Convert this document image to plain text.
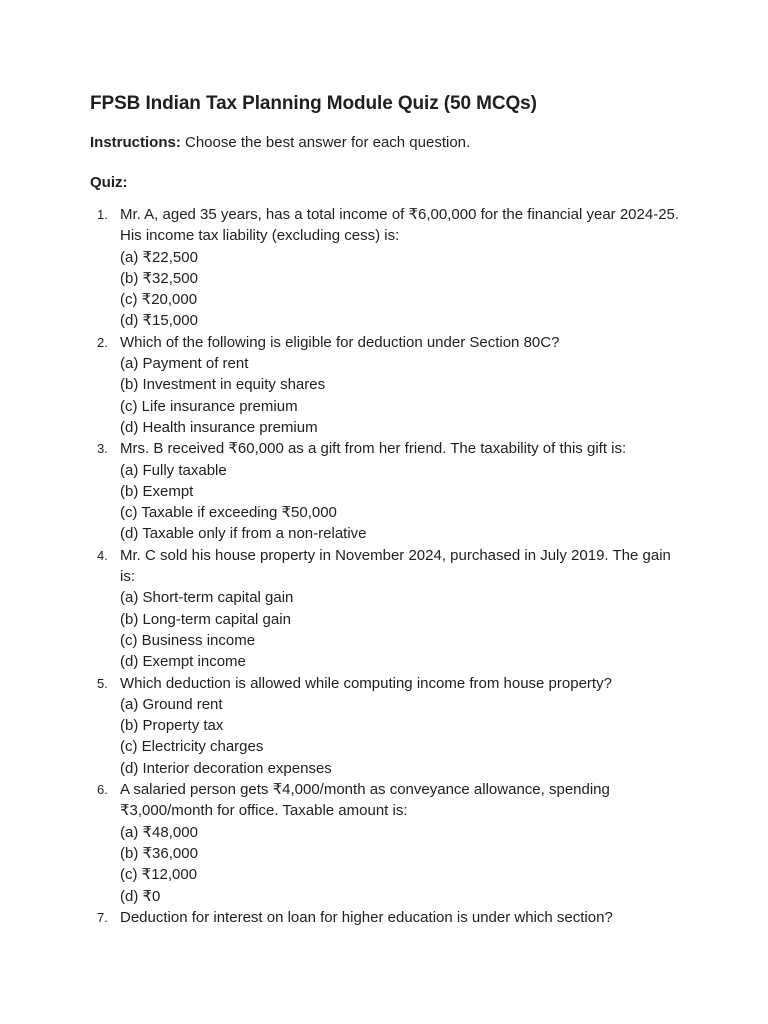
FPSB Indian Tax Planning Module Quiz (50 MCQs)

Instructions: Choose the best answer for each question.

Quiz:

1. Mr. A, aged 35 years, has a total income of ₹6,00,000 for the financial year 2024-25. His income tax liability (excluding cess) is:
(a) ₹22,500
(b) ₹32,500
(c) ₹20,000
(d) ₹15,000
2. Which of the following is eligible for deduction under Section 80C?
(a) Payment of rent
(b) Investment in equity shares
(c) Life insurance premium
(d) Health insurance premium
3. Mrs. B received ₹60,000 as a gift from her friend. The taxability of this gift is:
(a) Fully taxable
(b) Exempt
(c) Taxable if exceeding ₹50,000
(d) Taxable only if from a non-relative
4. Mr. C sold his house property in November 2024, purchased in July 2019. The gain is:
(a) Short-term capital gain
(b) Long-term capital gain
(c) Business income
(d) Exempt income
5. Which deduction is allowed while computing income from house property?
(a) Ground rent
(b) Property tax
(c) Electricity charges
(d) Interior decoration expenses
6. A salaried person gets ₹4,000/month as conveyance allowance, spending ₹3,000/month for office. Taxable amount is:
(a) ₹48,000
(b) ₹36,000
(c) ₹12,000
(d) ₹0
7. Deduction for interest on loan for higher education is under which section?
